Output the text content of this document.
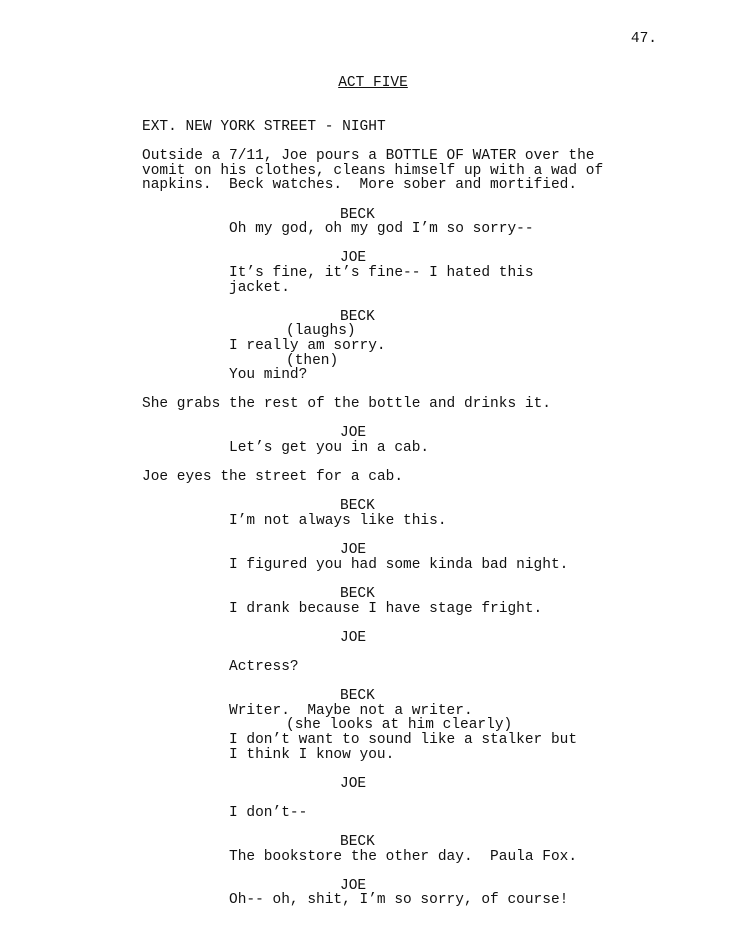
47.
ACT FIVE
EXT. NEW YORK STREET - NIGHT
Outside a 7/11, Joe pours a BOTTLE OF WATER over the
vomit on his clothes, cleans himself up with a wad of
napkins.  Beck watches.  More sober and mortified.
BECK
Oh my god, oh my god I’m so sorry--
JOE
It’s fine, it’s fine-- I hated this
jacket.
BECK
(laughs)
I really am sorry.
(then)
You mind?
She grabs the rest of the bottle and drinks it.
JOE
Let’s get you in a cab.
Joe eyes the street for a cab.
BECK
I’m not always like this.
JOE
I figured you had some kinda bad night.
BECK
I drank because I have stage fright.
JOE
Actress?
BECK
Writer.  Maybe not a writer.
(she looks at him clearly)
I don’t want to sound like a stalker but
I think I know you.
JOE
I don’t--
BECK
The bookstore the other day.  Paula Fox.
JOE
Oh-- oh, shit, I’m so sorry, of course!
